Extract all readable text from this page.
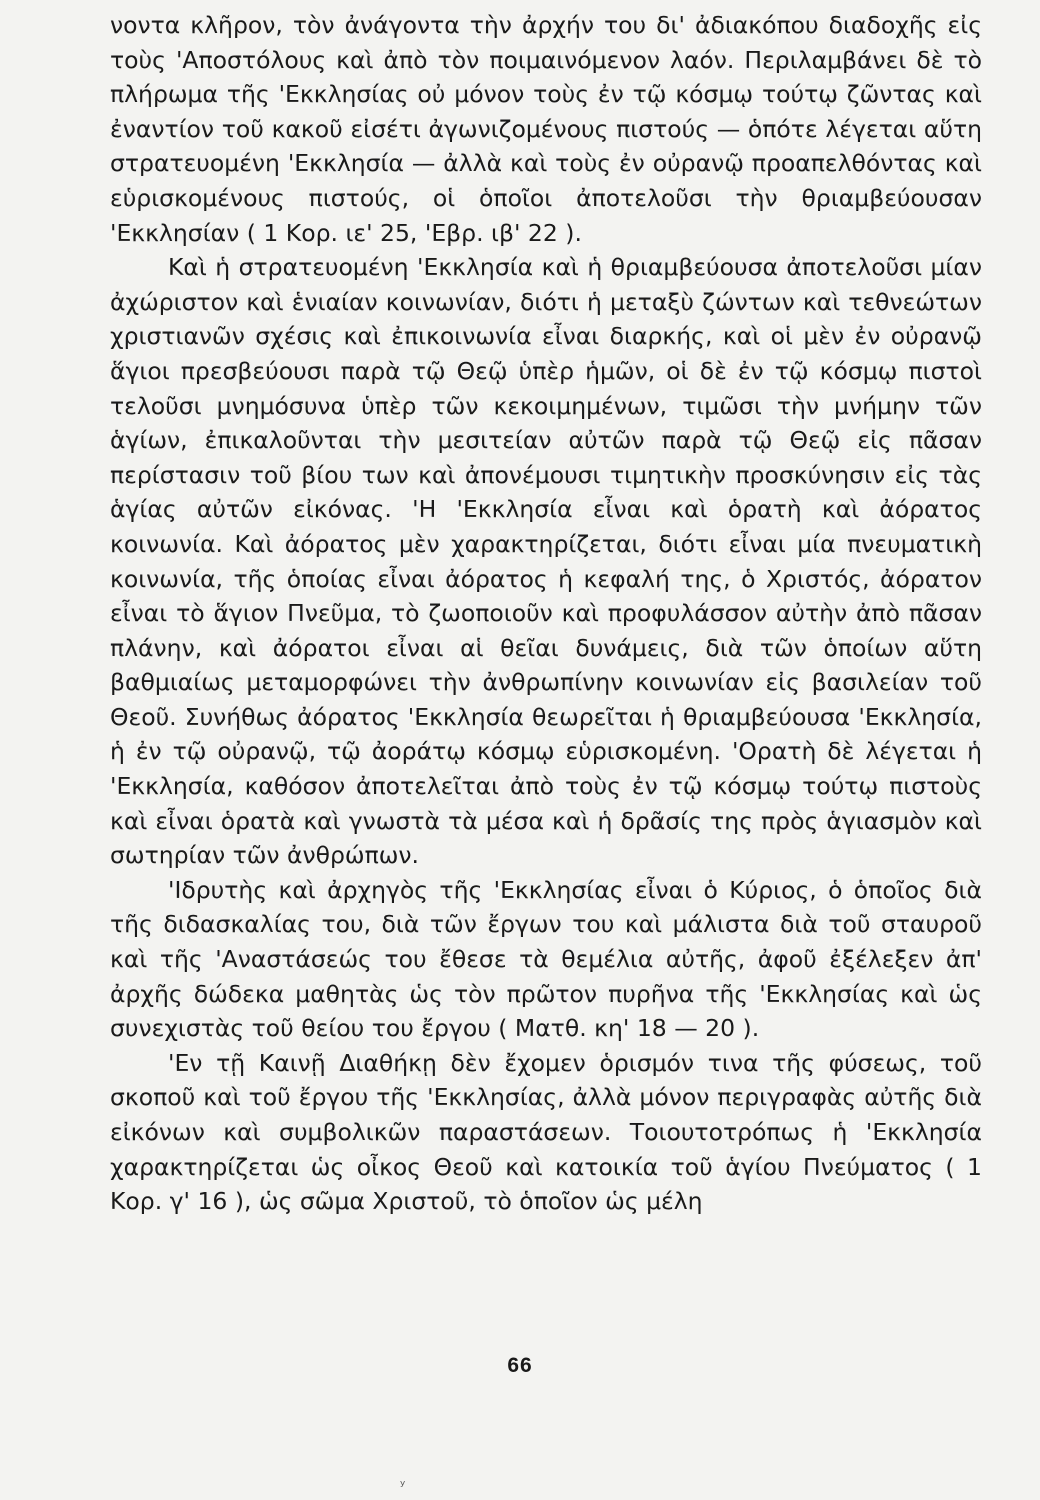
νοντα κλῆρον, τὸν ἀνάγοντα τὴν ἀρχήν του δι' ἀδιακόπου διαδοχῆς εἰς τοὺς 'Αποστόλους καὶ ἀπὸ τὸν ποιμαινόμενον λαόν. Περιλαμβάνει δὲ τὸ πλήρωμα τῆς 'Εκκλησίας οὐ μόνον τοὺς ἐν τῷ κόσμῳ τούτῳ ζῶντας καὶ ἐναντίον τοῦ κακοῦ εἰσέτι ἀγωνιζομένους πιστούς — ὁπότε λέγεται αὕτη στρατευομένη 'Εκκλησία — ἀλλὰ καὶ τοὺς ἐν οὐρανῷ προαπελθόντας καὶ εὑρισκομένους πιστούς, οἱ ὁποῖοι ἀποτελοῦσι τὴν θριαμβεύουσαν 'Εκκλησίαν ( 1 Κορ. ιε' 25, 'Εβρ. ιβ' 22 ).

Καὶ ἡ στρατευομένη 'Εκκλησία καὶ ἡ θριαμβεύουσα ἀποτελοῦσι μίαν ἀχώριστον καὶ ἑνιαίαν κοινωνίαν, διότι ἡ μεταξὺ ζώντων καὶ τεθνεώτων χριστιανῶν σχέσις καὶ ἐπικοινωνία εἶναι διαρκής, καὶ οἱ μὲν ἐν οὐρανῷ ἅγιοι πρεσβεύουσι παρὰ τῷ Θεῷ ὑπὲρ ἡμῶν, οἱ δὲ ἐν τῷ κόσμῳ πιστοὶ τελοῦσι μνημόσυνα ὑπὲρ τῶν κεκοιμημένων, τιμῶσι τὴν μνήμην τῶν ἁγίων, ἐπικαλοῦνται τὴν μεσιτείαν αὐτῶν παρὰ τῷ Θεῷ εἰς πᾶσαν περίστασιν τοῦ βίου των καὶ ἀπονέμουσι τιμητικὴν προσκύνησιν εἰς τὰς ἁγίας αὐτῶν εἰκόνας. 'Η 'Εκκλησία εἶναι καὶ ὁρατὴ καὶ ἀόρατος κοινωνία. Καὶ ἀόρατος μὲν χαρακτηρίζεται, διότι εἶναι μία πνευματικὴ κοινωνία, τῆς ὁποίας εἶναι ἀόρατος ἡ κεφαλή της, ὁ Χριστός, ἀόρατον εἶναι τὸ ἅγιον Πνεῦμα, τὸ ζωοποιοῦν καὶ προφυλάσσον αὐτὴν ἀπὸ πᾶσαν πλάνην, καὶ ἀόρατοι εἶναι αἱ θεῖαι δυνάμεις, διὰ τῶν ὁποίων αὕτη βαθμιαίως μεταμορφώνει τὴν ἀνθρωπίνην κοινωνίαν εἰς βασιλείαν τοῦ Θεοῦ. Συνήθως ἀόρατος 'Εκκλησία θεωρεῖται ἡ θριαμβεύουσα 'Εκκλησία, ἡ ἐν τῷ οὐρανῷ, τῷ ἀοράτῳ κόσμῳ εὑρισκομένη. 'Ορατὴ δὲ λέγεται ἡ 'Εκκλησία, καθόσον ἀποτελεῖται ἀπὸ τοὺς ἐν τῷ κόσμῳ τούτῳ πιστοὺς καὶ εἶναι ὁρατὰ καὶ γνωστὰ τὰ μέσα καὶ ἡ δρᾶσίς της πρὸς ἁγιασμὸν καὶ σωτηρίαν τῶν ἀνθρώπων.

'Ιδρυτὴς καὶ ἀρχηγὸς τῆς 'Εκκλησίας εἶναι ὁ Κύριος, ὁ ὁποῖος διὰ τῆς διδασκαλίας του, διὰ τῶν ἔργων του καὶ μάλιστα διὰ τοῦ σταυροῦ καὶ τῆς 'Αναστάσεώς του ἔθεσε τὰ θεμέλια αὐτῆς, ἀφοῦ ἐξέλεξεν ἀπ' ἀρχῆς δώδεκα μαθητὰς ὡς τὸν πρῶτον πυρῆνα τῆς 'Εκκλησίας καὶ ὡς συνεχιστὰς τοῦ θείου του ἔργου ( Ματθ. κη' 18 — 20 ).

'Εν τῇ Καινῇ Διαθήκῃ δὲν ἔχομεν ὁρισμόν τινα τῆς φύσεως, τοῦ σκοποῦ καὶ τοῦ ἔργου τῆς 'Εκκλησίας, ἀλλὰ μόνον περιγραφὰς αὐτῆς διὰ εἰκόνων καὶ συμβολικῶν παραστάσεων. Τοιουτοτρόπως ἡ 'Εκκλησία χαρακτηρίζεται ὡς οἶκος Θεοῦ καὶ κατοικία τοῦ ἁγίου Πνεύματος ( 1 Κορ. γ' 16 ), ὡς σῶμα Χριστοῦ, τὸ ὁποῖον ὡς μέλη

66
ʸ
